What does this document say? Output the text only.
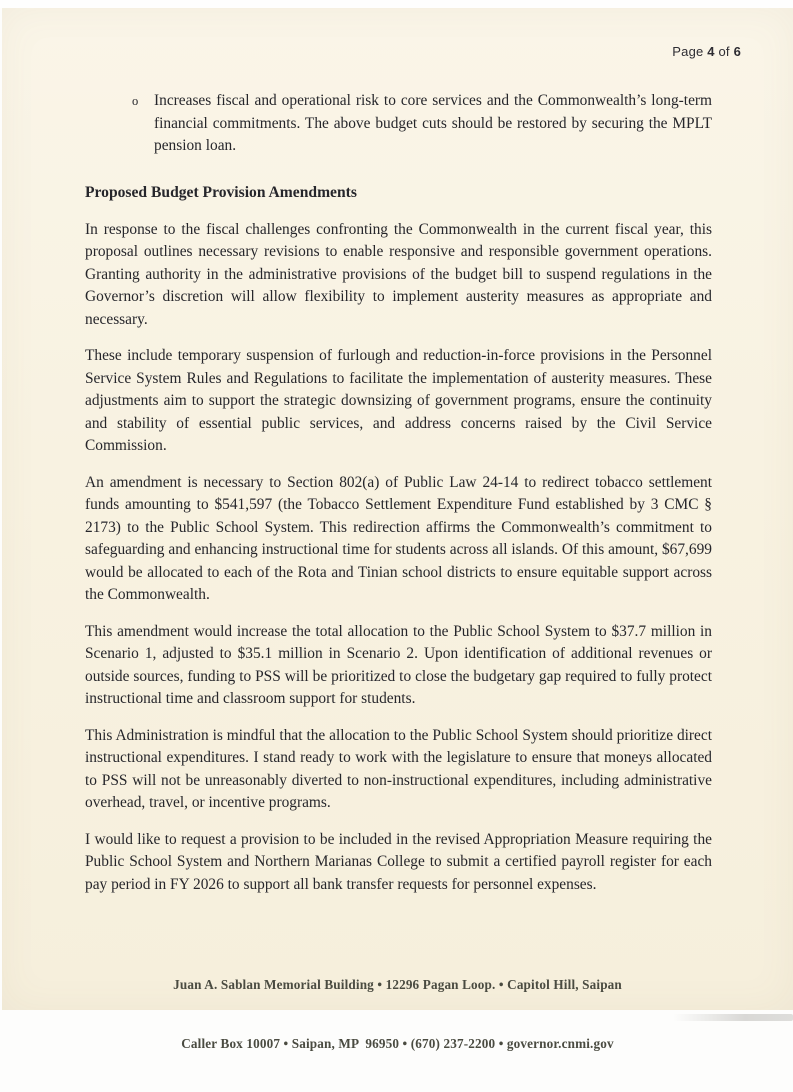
Page 4 of 6
o	Increases fiscal and operational risk to core services and the Commonwealth’s long-term financial commitments. The above budget cuts should be restored by securing the MPLT pension loan.

Proposed Budget Provision Amendments

In response to the fiscal challenges confronting the Commonwealth in the current fiscal year, this proposal outlines necessary revisions to enable responsive and responsible government operations. Granting authority in the administrative provisions of the budget bill to suspend regulations in the Governor’s discretion will allow flexibility to implement austerity measures as appropriate and necessary.

These include temporary suspension of furlough and reduction-in-force provisions in the Personnel Service System Rules and Regulations to facilitate the implementation of austerity measures. These adjustments aim to support the strategic downsizing of government programs, ensure the continuity and stability of essential public services, and address concerns raised by the Civil Service Commission.

An amendment is necessary to Section 802(a) of Public Law 24-14 to redirect tobacco settlement funds amounting to $541,597 (the Tobacco Settlement Expenditure Fund established by 3 CMC § 2173) to the Public School System. This redirection affirms the Commonwealth’s commitment to safeguarding and enhancing instructional time for students across all islands. Of this amount, $67,699 would be allocated to each of the Rota and Tinian school districts to ensure equitable support across the Commonwealth.

This amendment would increase the total allocation to the Public School System to $37.7 million in Scenario 1, adjusted to $35.1 million in Scenario 2. Upon identification of additional revenues or outside sources, funding to PSS will be prioritized to close the budgetary gap required to fully protect instructional time and classroom support for students.

This Administration is mindful that the allocation to the Public School System should prioritize direct instructional expenditures. I stand ready to work with the legislature to ensure that moneys allocated to PSS will not be unreasonably diverted to non-instructional expenditures, including administrative overhead, travel, or incentive programs.

I would like to request a provision to be included in the revised Appropriation Measure requiring the Public School System and Northern Marianas College to submit a certified payroll register for each pay period in FY 2026 to support all bank transfer requests for personnel expenses.

Juan A. Sablan Memorial Building • 12296 Pagan Loop. • Capitol Hill, Saipan

Caller Box 10007 • Saipan, MP  96950 • (670) 237-2200 • governor.cnmi.gov
